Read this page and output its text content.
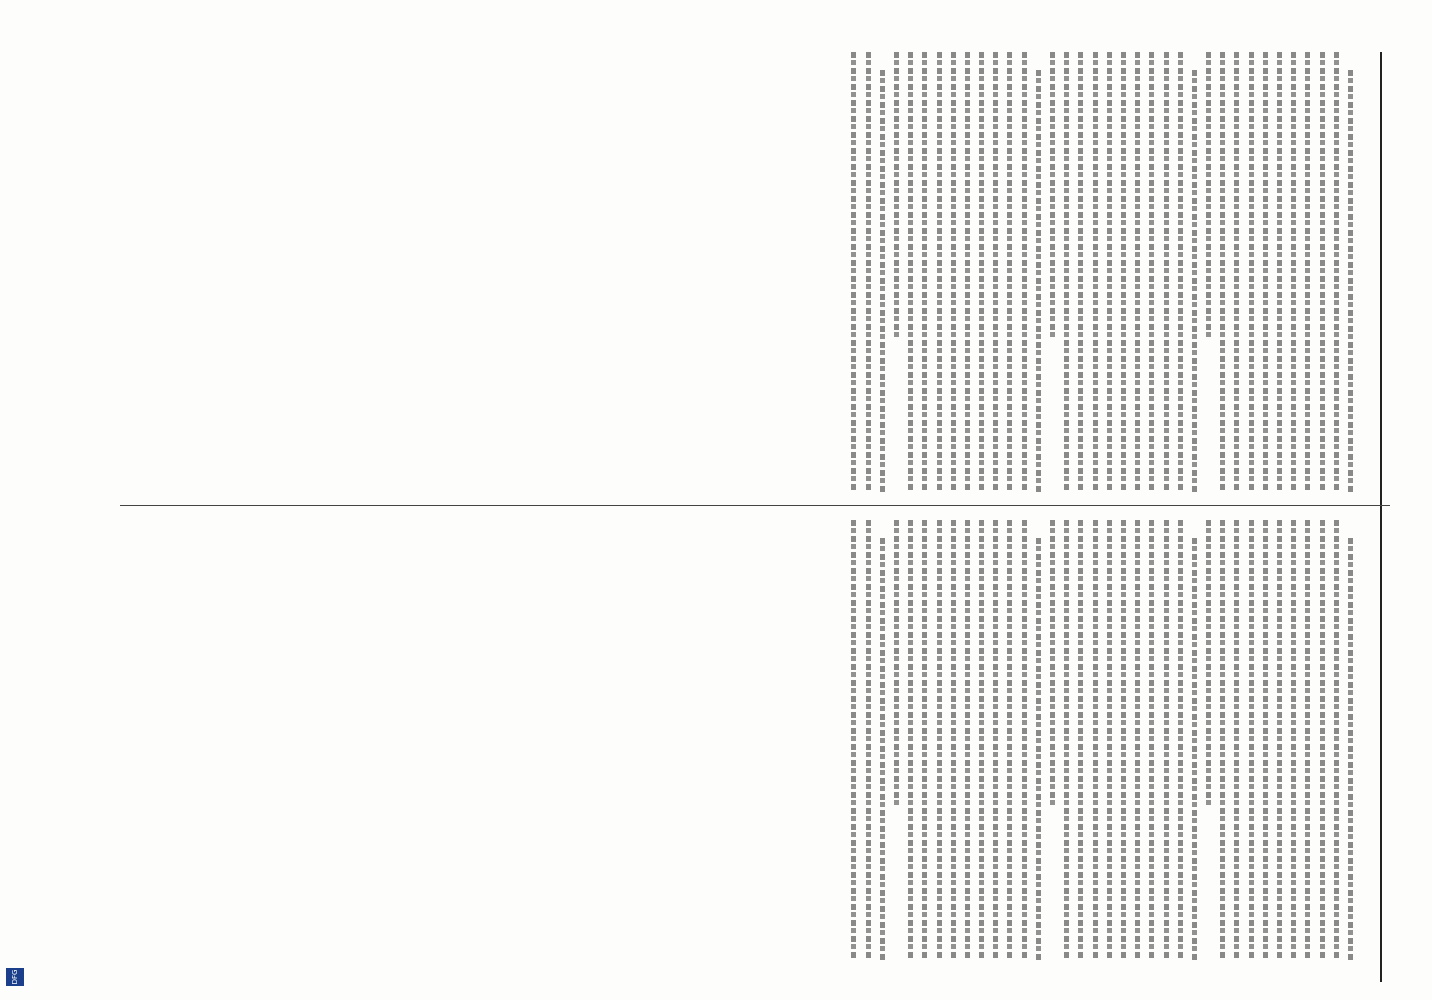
DFG
